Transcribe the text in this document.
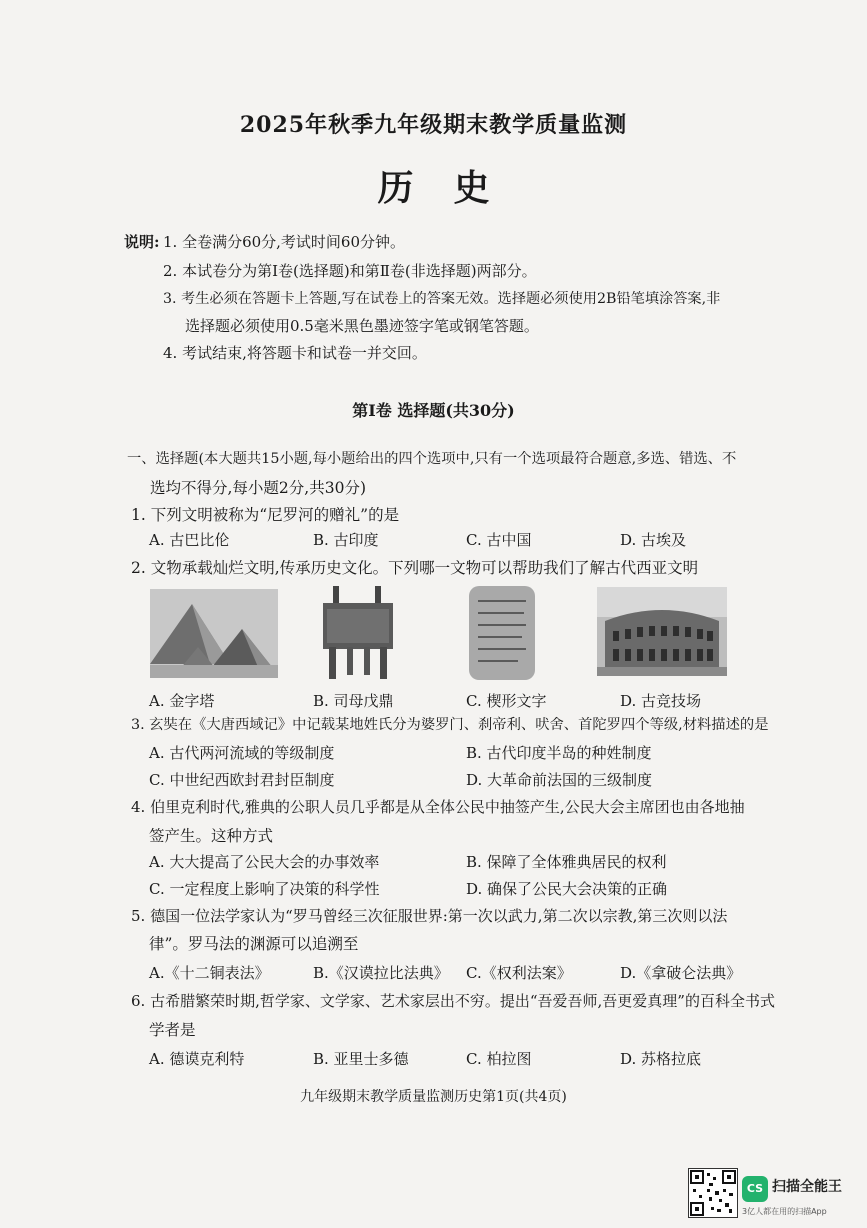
2025年秋季九年级期末教学质量监测
历史
说明: 1. 全卷满分60分,考试时间60分钟。
2. 本试卷分为第Ⅰ卷(选择题)和第Ⅱ卷(非选择题)两部分。
3. 考生必须在答题卡上答题,写在试卷上的答案无效。选择题必须使用2B铅笔填涂答案,非
选择题必须使用0.5毫米黑色墨迹签字笔或钢笔答题。
4. 考试结束,将答题卡和试卷一并交回。
第Ⅰ卷 选择题(共30分)
一、选择题(本大题共15小题,每小题给出的四个选项中,只有一个选项最符合题意,多选、错选、不
选均不得分,每小题2分,共30分)
1. 下列文明被称为“尼罗河的赠礼”的是
A. 古巴比伦	B. 古印度	C. 古中国	D. 古埃及
2. 文物承载灿烂文明,传承历史文化。下列哪一文物可以帮助我们了解古代西亚文明
A. 金字塔	B. 司母戊鼎	C. 楔形文字	D. 古竞技场
3. 玄奘在《大唐西域记》中记载某地姓氏分为婆罗门、刹帝利、吠舍、首陀罗四个等级,材料描述的是
A. 古代两河流域的等级制度	B. 古代印度半岛的种姓制度
C. 中世纪西欧封君封臣制度	D. 大革命前法国的三级制度
4. 伯里克利时代,雅典的公职人员几乎都是从全体公民中抽签产生,公民大会主席团也由各地抽
签产生。这种方式
A. 大大提高了公民大会的办事效率	B. 保障了全体雅典居民的权利
C. 一定程度上影响了决策的科学性	D. 确保了公民大会决策的正确
5. 德国一位法学家认为“罗马曾经三次征服世界:第一次以武力,第二次以宗教,第三次则以法
律”。罗马法的渊源可以追溯至
A.《十二铜表法》	B.《汉谟拉比法典》 C.《权利法案》	D.《拿破仑法典》
6. 古希腊繁荣时期,哲学家、文学家、艺术家层出不穷。提出“吾爱吾师,吾更爱真理”的百科全书式
学者是
A. 德谟克利特	B. 亚里士多德	C. 柏拉图	D. 苏格拉底
九年级期末教学质量监测历史第1页(共4页)
CS 扫描全能王
3亿人都在用的扫描App
